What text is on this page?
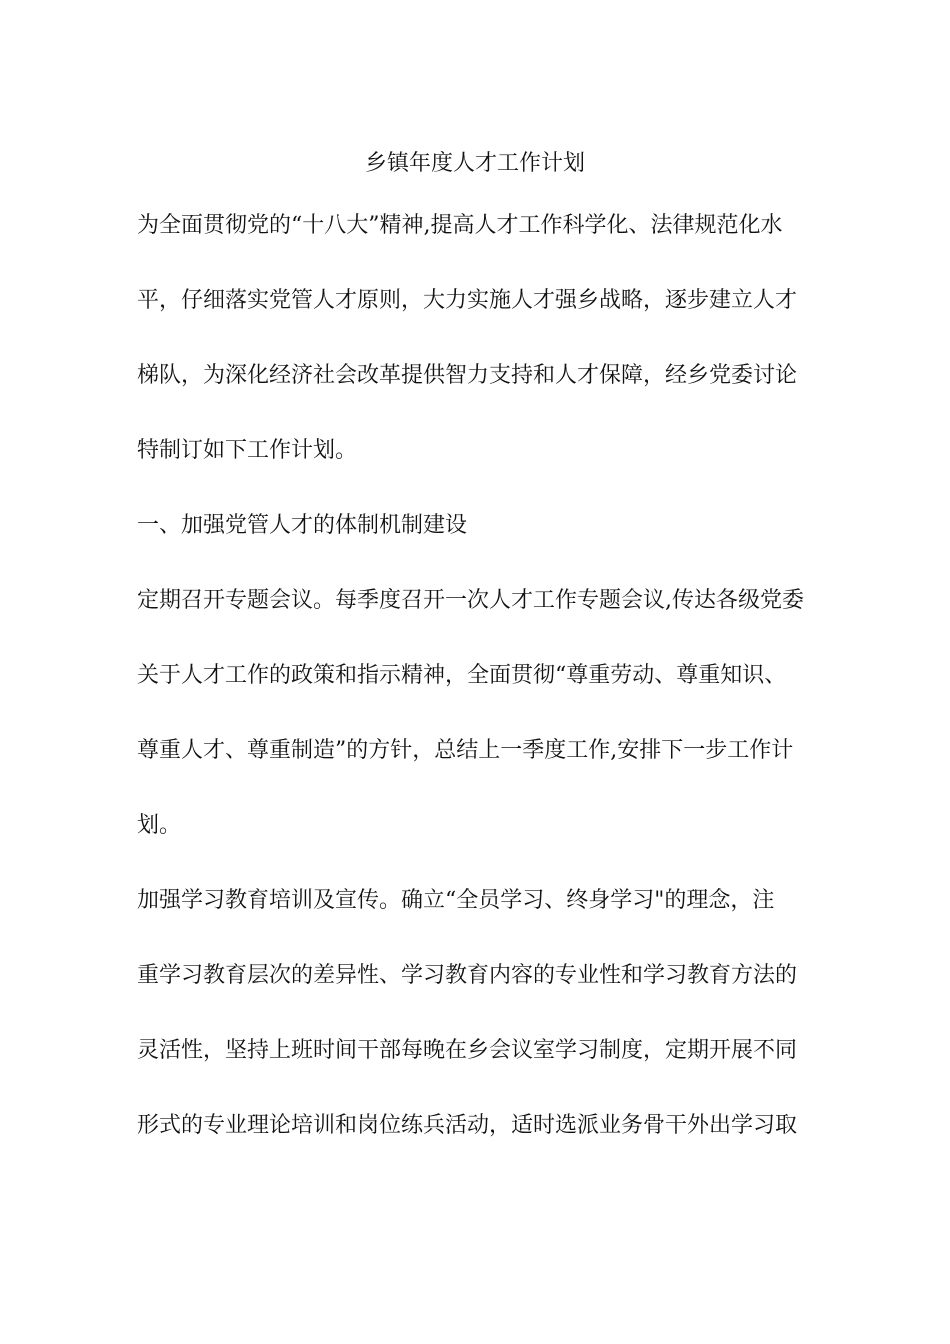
乡镇年度人才工作计划
为全面贯彻党的“十八大”精神,提高人才工作科学化、法律规范化水
平，仔细落实党管人才原则，大力实施人才强乡战略，逐步建立人才
梯队，为深化经济社会改革提供智力支持和人才保障，经乡党委讨论
特制订如下工作计划。
一、加强党管人才的体制机制建设
定期召开专题会议。每季度召开一次人才工作专题会议,传达各级党委
关于人才工作的政策和指示精神，全面贯彻“尊重劳动、尊重知识、
尊重人才、尊重制造”的方针，总结上一季度工作,安排下一步工作计
划。
加强学习教育培训及宣传。确立“全员学习、终身学习"的理念，注
重学习教育层次的差异性、学习教育内容的专业性和学习教育方法的
灵活性，坚持上班时间干部每晚在乡会议室学习制度，定期开展不同
形式的专业理论培训和岗位练兵活动，适时选派业务骨干外出学习取
